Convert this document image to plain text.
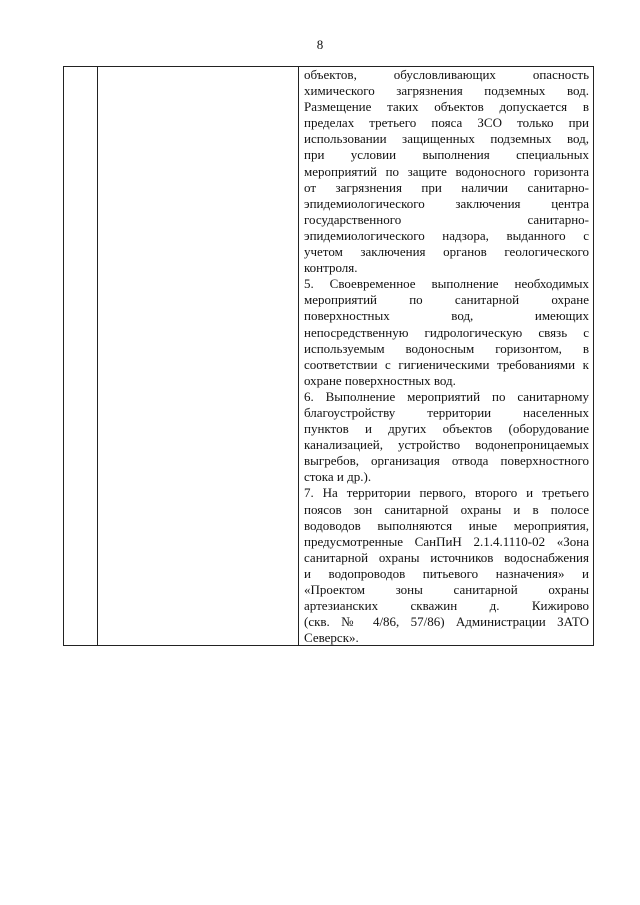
8
объектов, обусловливающих опасность
химического загрязнения подземных вод.
Размещение таких объектов допускается в
пределах третьего пояса ЗСО только при
использовании защищенных подземных вод,
при условии выполнения специальных
мероприятий по защите водоносного горизонта
от загрязнения при наличии санитарно-
эпидемиологического заключения центра
государственного санитарно-
эпидемиологического надзора, выданного с
учетом заключения органов геологического
контроля.
5. Своевременное выполнение необходимых
мероприятий по санитарной охране
поверхностных вод, имеющих
непосредственную гидрологическую связь с
используемым водоносным горизонтом, в
соответствии с гигиеническими требованиями к
охране поверхностных вод.
6. Выполнение мероприятий по санитарному
благоустройству территории населенных
пунктов и других объектов (оборудование
канализацией, устройство водонепроницаемых
выгребов, организация отвода поверхностного
стока и др.).
7. На территории первого, второго и третьего
поясов зон санитарной охраны и в полосе
водоводов выполняются иные мероприятия,
предусмотренные СанПиН 2.1.4.1110-02 «Зона
санитарной охраны источников водоснабжения
и водопроводов питьевого назначения» и
«Проектом зоны санитарной охраны
артезианских скважин д. Кижирово
(скв. № 4/86, 57/86) Администрации ЗАТО
Северск».
